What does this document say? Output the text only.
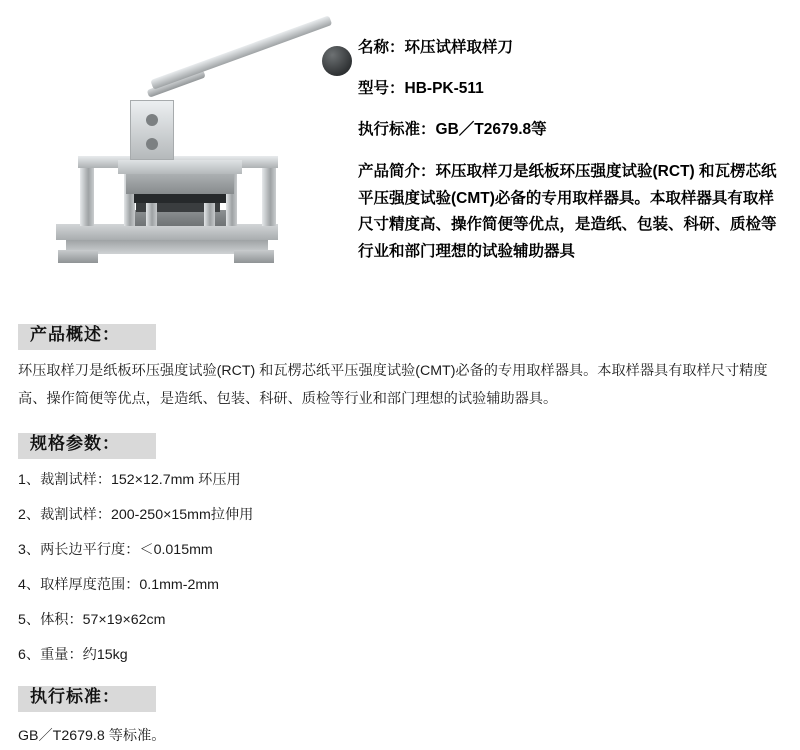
名称：环压试样取样刀
型号：HB-PK-511
执行标准：GB／T2679.8等
产品简介：环压取样刀是纸板环压强度试验(RCT) 和瓦楞芯纸平压强度试验(CMT)必备的专用取样器具。本取样器具有取样尺寸精度高、操作简便等优点，是造纸、包装、科研、质检等行业和部门理想的试验辅助器具
产品概述：

环压取样刀是纸板环压强度试验(RCT) 和瓦楞芯纸平压强度试验(CMT)必备的专用取样器具。本取样器具有取样尺寸精度高、操作简便等优点，是造纸、包装、科研、质检等行业和部门理想的试验辅助器具。

规格参数：
1、裁割试样：152×12.7mm 环压用
2、裁割试样：200-250×15mm拉伸用
3、两长边平行度：＜0.015mm
4、取样厚度范围：0.1mm-2mm
5、体积：57×19×62cm
6、重量：约15kg
执行标准：

GB／T2679.8 等标准。
